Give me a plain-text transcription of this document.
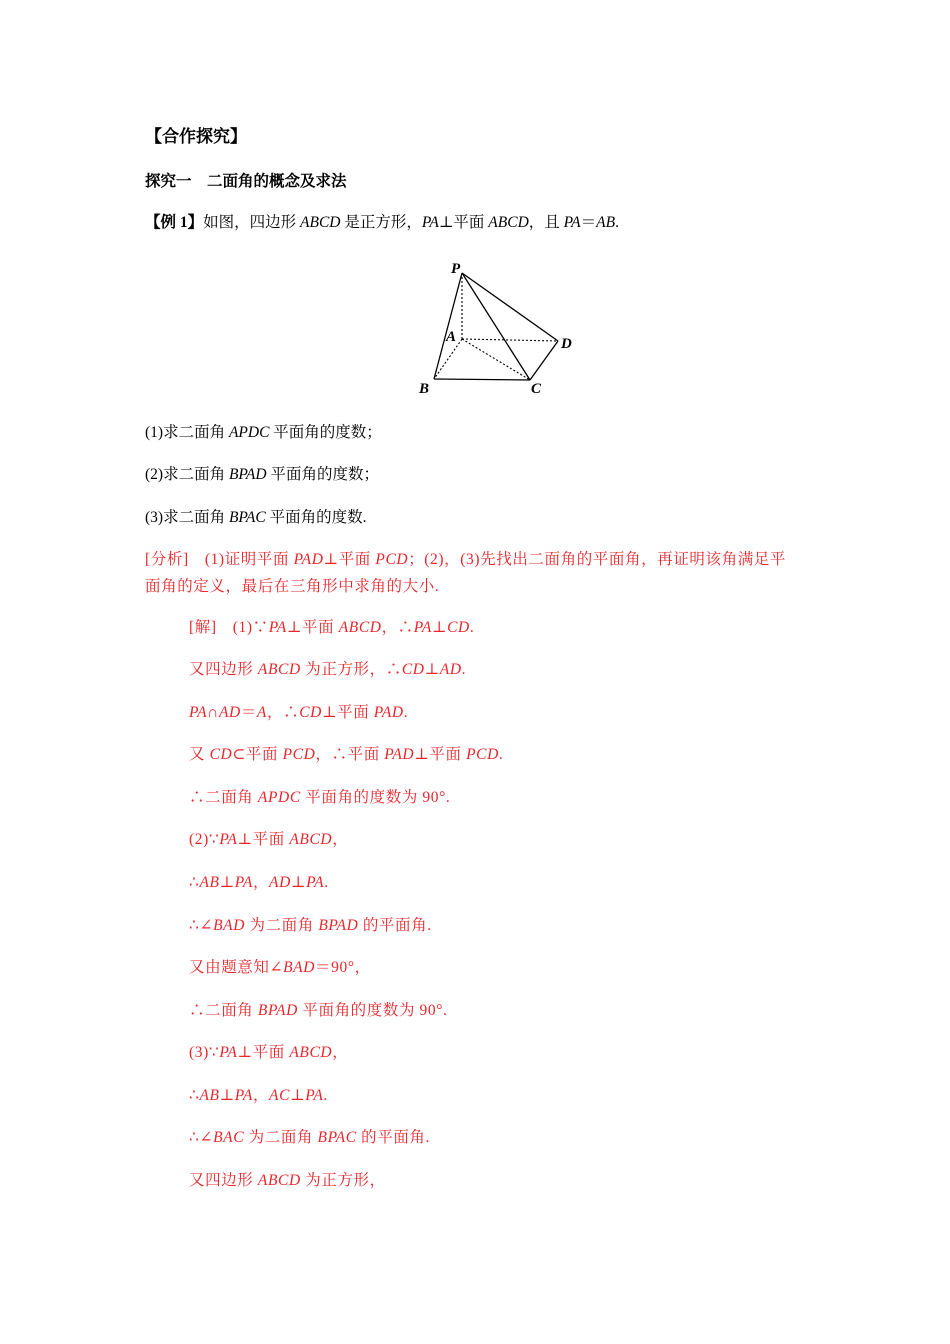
【合作探究】
探究一　二面角的概念及求法
【例 1】如图，四边形 ABCD 是正方形，PA⊥平面 ABCD，且 PA＝AB.
P
A
B	C
D
(1)求二面角 APDC 平面角的度数；
(2)求二面角 BPAD 平面角的度数；
(3)求二面角 BPAC 平面角的度数.
[分析]　(1)证明平面 PAD⊥平面 PCD；(2)，(3)先找出二面角的平面角，再证明该角满足平
面角的定义，最后在三角形中求角的大小.
[解]　(1)∵PA⊥平面 ABCD，∴PA⊥CD.
又四边形 ABCD 为正方形，∴CD⊥AD.
PA∩AD＝A，∴CD⊥平面 PAD.
又 CD⊂平面 PCD，∴平面 PAD⊥平面 PCD.
∴二面角 APDC 平面角的度数为 90°.
(2)∵PA⊥平面 ABCD，
∴AB⊥PA，AD⊥PA.
∴∠BAD 为二面角 BPAD 的平面角.
又由题意知∠BAD＝90°，
∴二面角 BPAD 平面角的度数为 90°.
(3)∵PA⊥平面 ABCD，
∴AB⊥PA，AC⊥PA.
∴∠BAC 为二面角 BPAC 的平面角.
又四边形 ABCD 为正方形，
